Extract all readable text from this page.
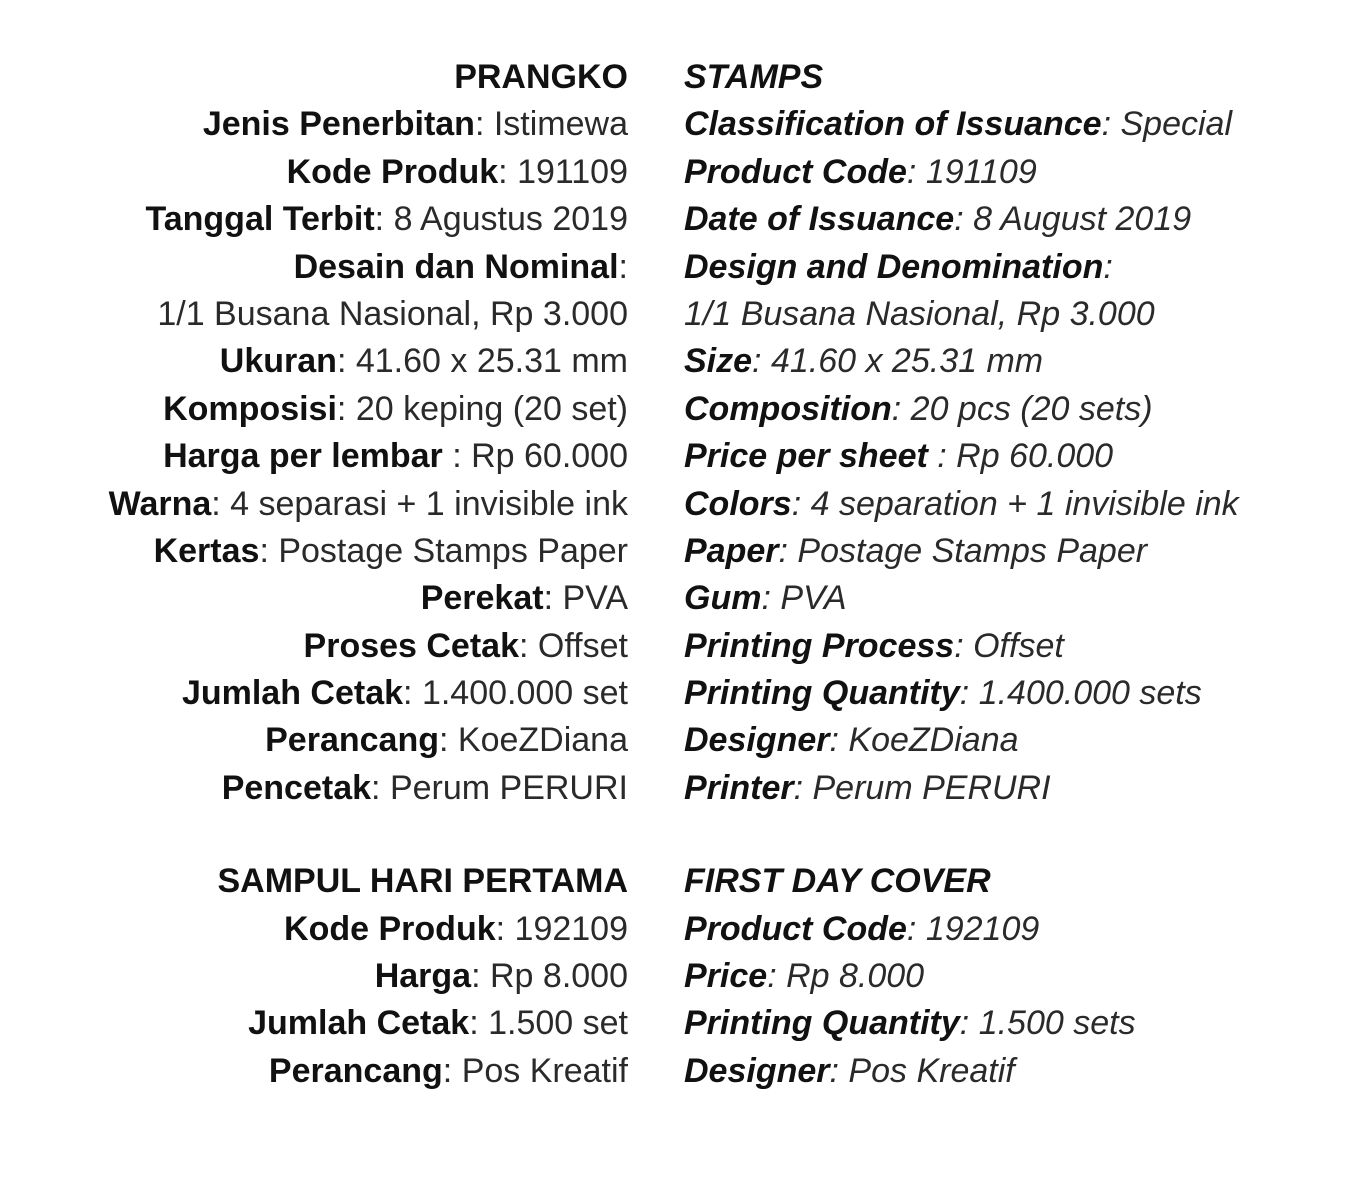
PRANGKO
Jenis Penerbitan: Istimewa
Kode Produk: 191109
Tanggal Terbit: 8 Agustus 2019
Desain dan Nominal:
1/1 Busana Nasional, Rp 3.000
Ukuran: 41.60 x 25.31 mm
Komposisi: 20 keping (20 set)
Harga per lembar : Rp 60.000
Warna: 4 separasi + 1 invisible ink
Kertas: Postage Stamps Paper
Perekat: PVA
Proses Cetak: Offset
Jumlah Cetak: 1.400.000 set
Perancang: KoeZDiana
Pencetak: Perum PERURI
SAMPUL HARI PERTAMA
Kode Produk: 192109
Harga: Rp 8.000
Jumlah Cetak: 1.500 set
Perancang: Pos Kreatif
STAMPS
Classification of Issuance: Special
Product Code: 191109
Date of Issuance: 8 August 2019
Design and Denomination:
1/1 Busana Nasional, Rp 3.000
Size: 41.60 x 25.31 mm
Composition: 20 pcs (20 sets)
Price per sheet : Rp 60.000
Colors: 4 separation + 1 invisible ink
Paper: Postage Stamps Paper
Gum: PVA
Printing Process: Offset
Printing Quantity: 1.400.000 sets
Designer: KoeZDiana
Printer: Perum PERURI
FIRST DAY COVER
Product Code: 192109
Price: Rp 8.000
Printing Quantity: 1.500 sets
Designer: Pos Kreatif
